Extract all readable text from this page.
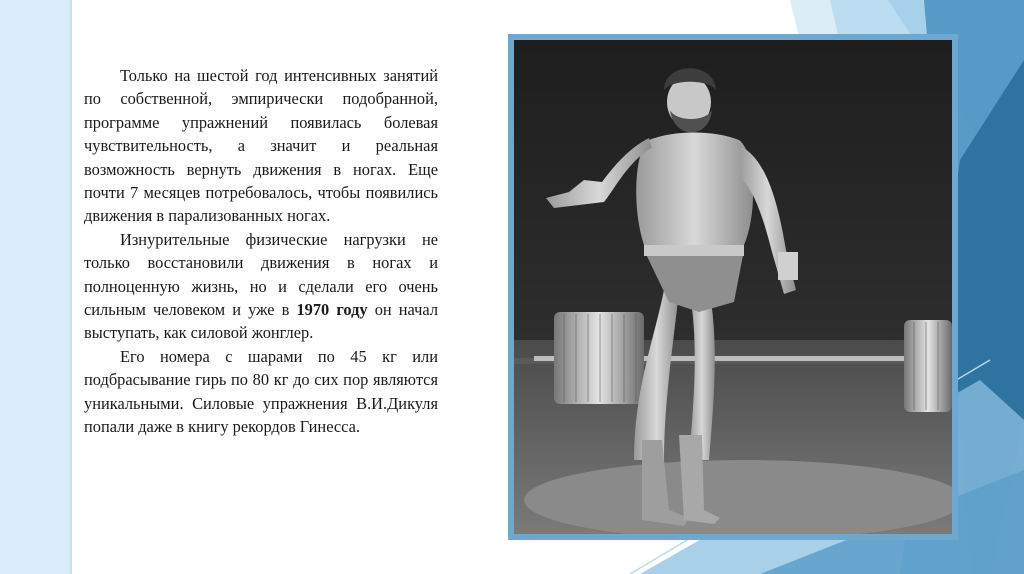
Только на шестой год интенсивных занятий по собственной, эмпирически подобранной, программе упражнений появилась болевая чувствительность, а значит и реальная возможность вернуть движения в ногах. Еще почти 7 месяцев потребовалось, чтобы появились движения в парализованных ногах.

Изнурительные физические нагрузки не только восстановили движения в ногах и полноценную жизнь, но и сделали его очень сильным человеком и уже в 1970 году он начал выступать, как силовой жонглер.

Его номера с шарами по 45 кг или подбрасывание гирь по 80 кг до сих пор являются уникальными. Силовые упражнения В.И.Дикуля попали даже в книгу рекордов Гинесса.
